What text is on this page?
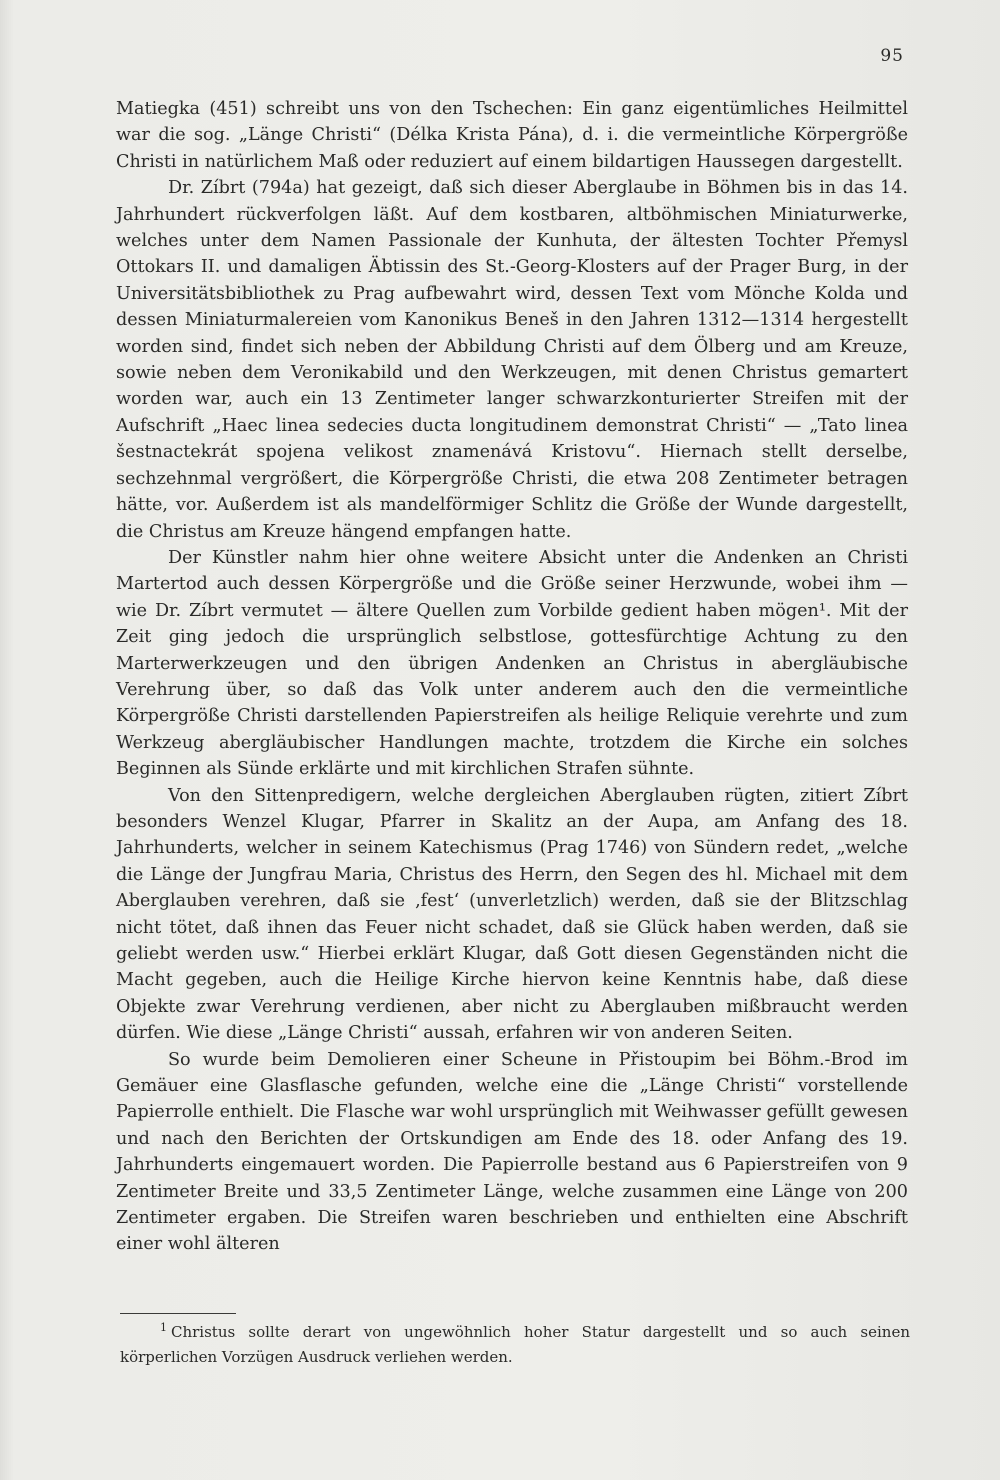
95

Matiegka (451) schreibt uns von den Tschechen: Ein ganz eigentümliches Heilmittel war die sog. „Länge Christi“ (Délka Krista Pána), d. i. die vermeintliche Körpergröße Christi in natürlichem Maß oder reduziert auf einem bildartigen Haussegen dargestellt.

Dr. Zíbrt (794a) hat gezeigt, daß sich dieser Aberglaube in Böhmen bis in das 14. Jahrhundert rückverfolgen läßt. Auf dem kostbaren, altböhmischen Miniaturwerke, welches unter dem Namen Passionale der Kunhuta, der ältesten Tochter Přemysl Ottokars II. und damaligen Äbtissin des St.-Georg-Klosters auf der Prager Burg, in der Universitätsbibliothek zu Prag aufbewahrt wird, dessen Text vom Mönche Kolda und dessen Miniaturmalereien vom Kanonikus Beneš in den Jahren 1312—1314 hergestellt worden sind, findet sich neben der Abbildung Christi auf dem Ölberg und am Kreuze, sowie neben dem Veronikabild und den Werkzeugen, mit denen Christus gemartert worden war, auch ein 13 Zentimeter langer schwarzkonturierter Streifen mit der Aufschrift „Haec linea sedecies ducta longitudinem demonstrat Christi“ — „Tato linea šestnactekrát spojena velikost znamenává Kristovu“. Hiernach stellt derselbe, sechzehnmal vergrößert, die Körpergröße Christi, die etwa 208 Zentimeter betragen hätte, vor. Außerdem ist als mandelförmiger Schlitz die Größe der Wunde dargestellt, die Christus am Kreuze hängend empfangen hatte.

Der Künstler nahm hier ohne weitere Absicht unter die Andenken an Christi Martertod auch dessen Körpergröße und die Größe seiner Herzwunde, wobei ihm — wie Dr. Zíbrt vermutet — ältere Quellen zum Vorbilde gedient haben mögen¹. Mit der Zeit ging jedoch die ursprünglich selbstlose, gottesfürchtige Achtung zu den Marterwerkzeugen und den übrigen Andenken an Christus in abergläubische Verehrung über, so daß das Volk unter anderem auch den die vermeintliche Körpergröße Christi darstellenden Papierstreifen als heilige Reliquie verehrte und zum Werkzeug abergläubischer Handlungen machte, trotzdem die Kirche ein solches Beginnen als Sünde erklärte und mit kirchlichen Strafen sühnte.

Von den Sittenpredigern, welche dergleichen Aberglauben rügten, zitiert Zíbrt besonders Wenzel Klugar, Pfarrer in Skalitz an der Aupa, am Anfang des 18. Jahrhunderts, welcher in seinem Katechismus (Prag 1746) von Sündern redet, „welche die Länge der Jungfrau Maria, Christus des Herrn, den Segen des hl. Michael mit dem Aberglauben verehren, daß sie ‚fest‘ (unverletzlich) werden, daß sie der Blitzschlag nicht tötet, daß ihnen das Feuer nicht schadet, daß sie Glück haben werden, daß sie geliebt werden usw.“ Hierbei erklärt Klugar, daß Gott diesen Gegenständen nicht die Macht gegeben, auch die Heilige Kirche hiervon keine Kenntnis habe, daß diese Objekte zwar Verehrung verdienen, aber nicht zu Aberglauben mißbraucht werden dürfen. Wie diese „Länge Christi“ aussah, erfahren wir von anderen Seiten.

So wurde beim Demolieren einer Scheune in Přistoupim bei Böhm.-Brod im Gemäuer eine Glasflasche gefunden, welche eine die „Länge Christi“ vorstellende Papierrolle enthielt. Die Flasche war wohl ursprünglich mit Weihwasser gefüllt gewesen und nach den Berichten der Ortskundigen am Ende des 18. oder Anfang des 19. Jahrhunderts eingemauert worden. Die Papierrolle bestand aus 6 Papierstreifen von 9 Zentimeter Breite und 33,5 Zentimeter Länge, welche zusammen eine Länge von 200 Zentimeter ergaben. Die Streifen waren beschrieben und enthielten eine Abschrift einer wohl älteren

$^1$ Christus sollte derart von ungewöhnlich hoher Statur dargestellt und so auch seinen körperlichen Vorzügen Ausdruck verliehen werden.
